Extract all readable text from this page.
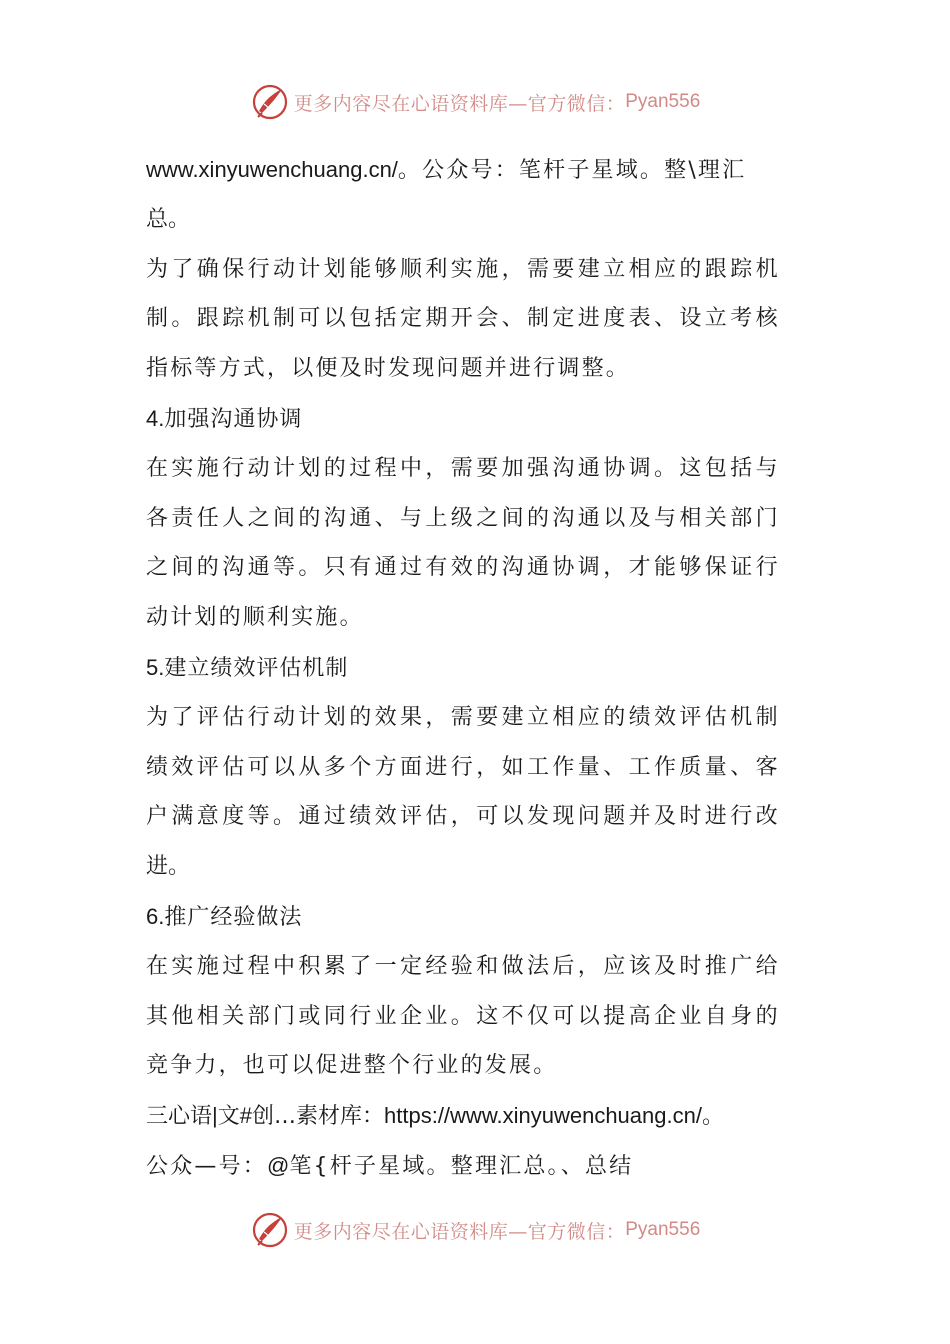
更多内容尽在心语资料库—官方微信： Pyan556
www.xinyuwenchuang.cn/。公众号：笔杆子星域。整\理汇
总。
为了确保行动计划能够顺利实施，需要建立相应的跟踪机
制。跟踪机制可以包括定期开会、制定进度表、设立考核
指标等方式，以便及时发现问题并进行调整。
4.加强沟通协调
在实施行动计划的过程中，需要加强沟通协调。这包括与
各责任人之间的沟通、与上级之间的沟通以及与相关部门
之间的沟通等。只有通过有效的沟通协调，才能够保证行
动计划的顺利实施。
5.建立绩效评估机制
为了评估行动计划的效果，需要建立相应的绩效评估机制
绩效评估可以从多个方面进行，如工作量、工作质量、客
户满意度等。通过绩效评估，可以发现问题并及时进行改
进。
6.推广经验做法
在实施过程中积累了一定经验和做法后，应该及时推广给
其他相关部门或同行业企业。这不仅可以提高企业自身的
竞争力，也可以促进整个行业的发展。
三心语|文#创…素材库：https://www.xinyuwenchuang.cn/。
公众—号：@笔{杆子星域。整理汇总。、总结
更多内容尽在心语资料库—官方微信： Pyan556
